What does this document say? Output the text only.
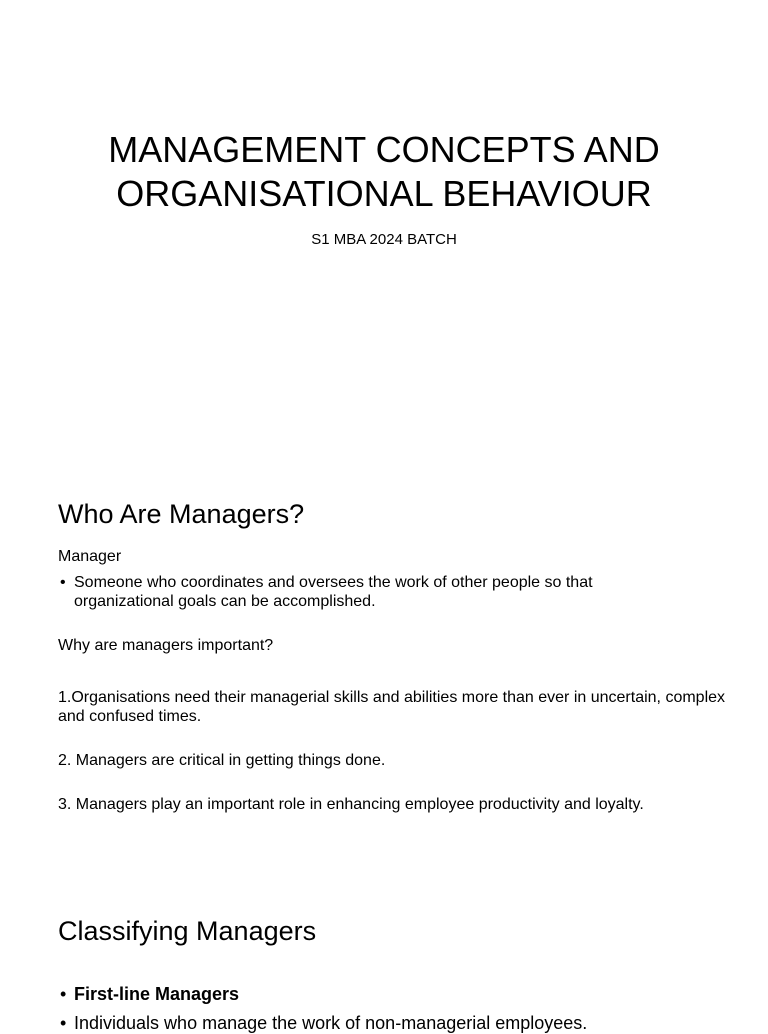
MANAGEMENT CONCEPTS AND
ORGANISATIONAL BEHAVIOUR
S1 MBA 2024 BATCH
Who Are Managers?
Manager
• Someone who coordinates and oversees the work of other people so that organizational goals can be accomplished.
Why are managers important?
1.Organisations need their managerial skills and abilities more than ever in uncertain, complex and confused times.
2. Managers are critical in getting things done.
3. Managers play an important role in enhancing employee productivity and loyalty.
Classifying Managers
• First-line Managers
• Individuals who manage the work of non-managerial employees.
